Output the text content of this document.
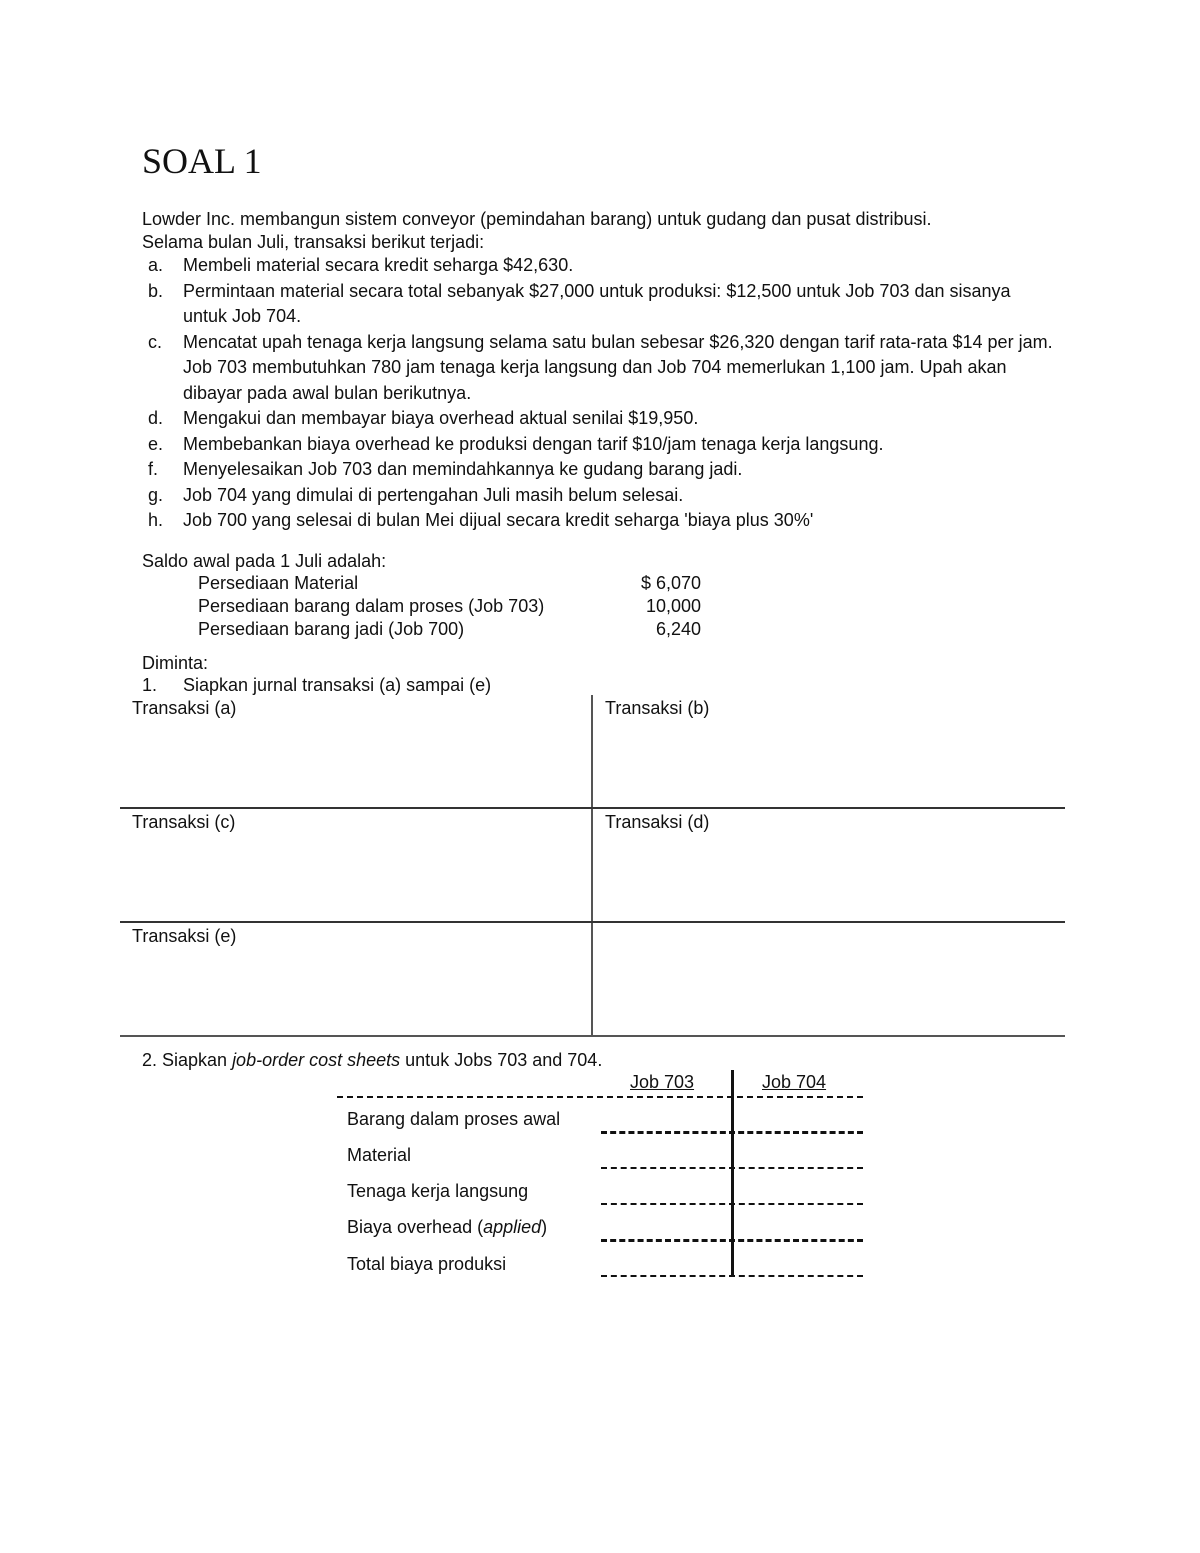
SOAL 1
Lowder Inc. membangun sistem conveyor (pemindahan barang) untuk gudang dan pusat distribusi.
Selama bulan Juli, transaksi berikut terjadi:
a.	Membeli material secara kredit seharga $42,630.
b.	Permintaan material secara total sebanyak $27,000 untuk produksi: $12,500 untuk Job 703 dan sisanya untuk Job 704.
c.	Mencatat upah tenaga kerja langsung selama satu bulan sebesar $26,320 dengan tarif rata-rata $14 per jam. Job 703 membutuhkan 780 jam tenaga kerja langsung dan Job 704 memerlukan 1,100 jam. Upah akan dibayar pada awal bulan berikutnya.
d.	Mengakui dan membayar biaya overhead aktual senilai $19,950.
e.	Membebankan biaya overhead ke produksi dengan tarif $10/jam tenaga kerja langsung.
f.	Menyelesaikan Job 703 dan memindahkannya ke gudang barang jadi.
g.	Job 704 yang dimulai di pertengahan Juli masih belum selesai.
h.	Job 700 yang selesai di bulan Mei dijual secara kredit seharga 'biaya plus 30%'
Saldo awal pada 1 Juli adalah:
Persediaan Material	$ 6,070
Persediaan barang dalam proses (Job 703)	10,000
Persediaan barang jadi (Job 700)	6,240
Diminta:
1. Siapkan jurnal transaksi (a) sampai (e)
Transaksi (a)	Transaksi (b)
Transaksi (c)	Transaksi (d)
Transaksi (e)
2. Siapkan job-order cost sheets untuk Jobs 703 and 704.
Job 703	Job 704
Barang dalam proses awal
Material
Tenaga kerja langsung
Biaya overhead (applied)
Total biaya produksi
